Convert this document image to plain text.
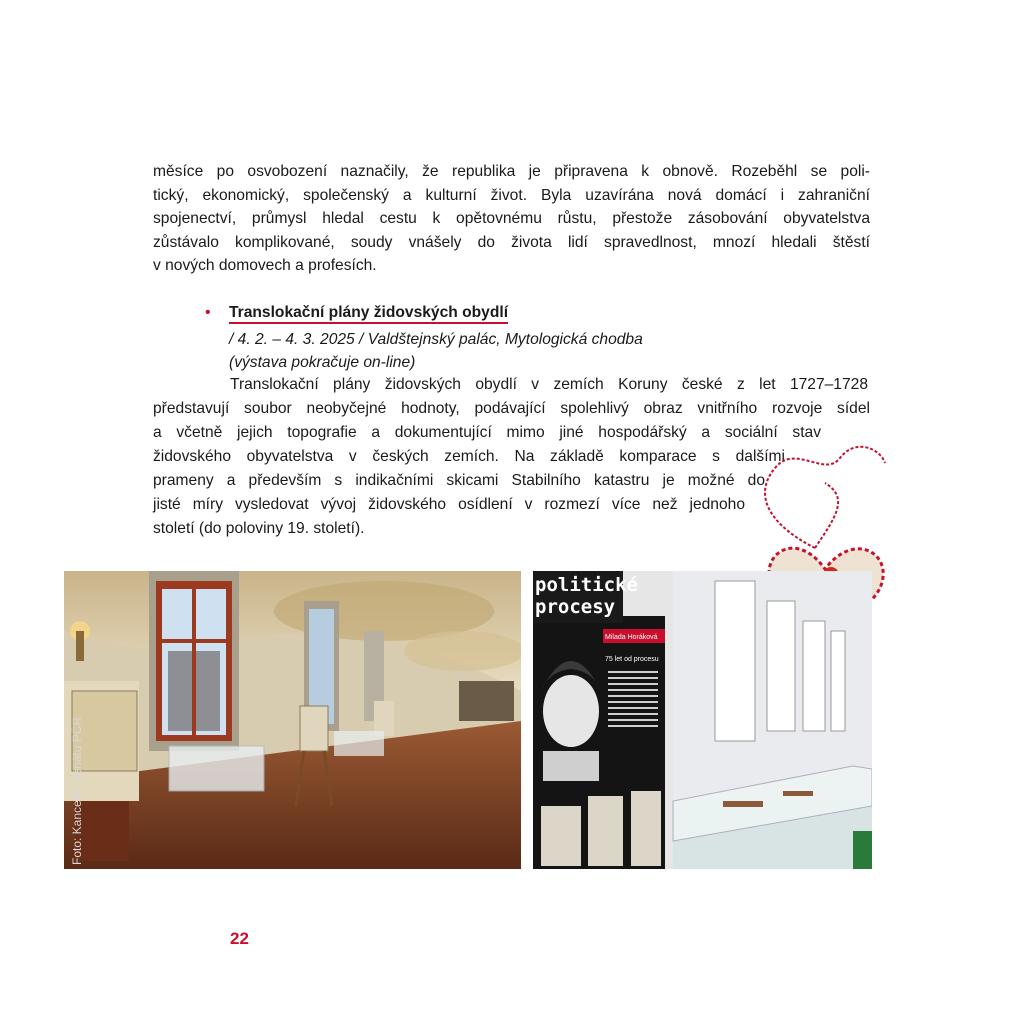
měsíce po osvobození naznačily, že republika je připravena k obnově. Rozeběhl se poli-
tický, ekonomický, společenský a kulturní život. Byla uzavírána nová domácí i zahraniční
spojenectví, průmysl hledal cestu k opětovnému růstu, přestože zásobování obyvatelstva
zůstávalo komplikované, soudy vnášely do života lidí spravedlnost, mnozí hledali štěstí
v nových domovech a profesích.
• Translokační plány židovských obydlí
/ 4. 2. – 4. 3. 2025 / Valdštejnský palác, Mytologická chodba
(výstava pokračuje on-line)
Translokační plány židovských obydlí v zemích Koruny české z let 1727–1728
představují soubor neobyčejné hodnoty, podávající spolehlivý obraz vnitřního rozvoje sídel
a včetně jejich topografie a dokumentující mimo jiné hospodářský a sociální stav
židovského obyvatelstva v českých zemích. Na základě komparace s dalšími
prameny a především s indikačními skicami Stabilního katastru je možné do
jisté míry vysledovat vývoj židovského osídlení v rozmezí více než jednoho
století (do poloviny 19. století).
Foto: Kancelář Senátu PČR
politické
procesy
Milada Horáková
75 let od procesu
22
